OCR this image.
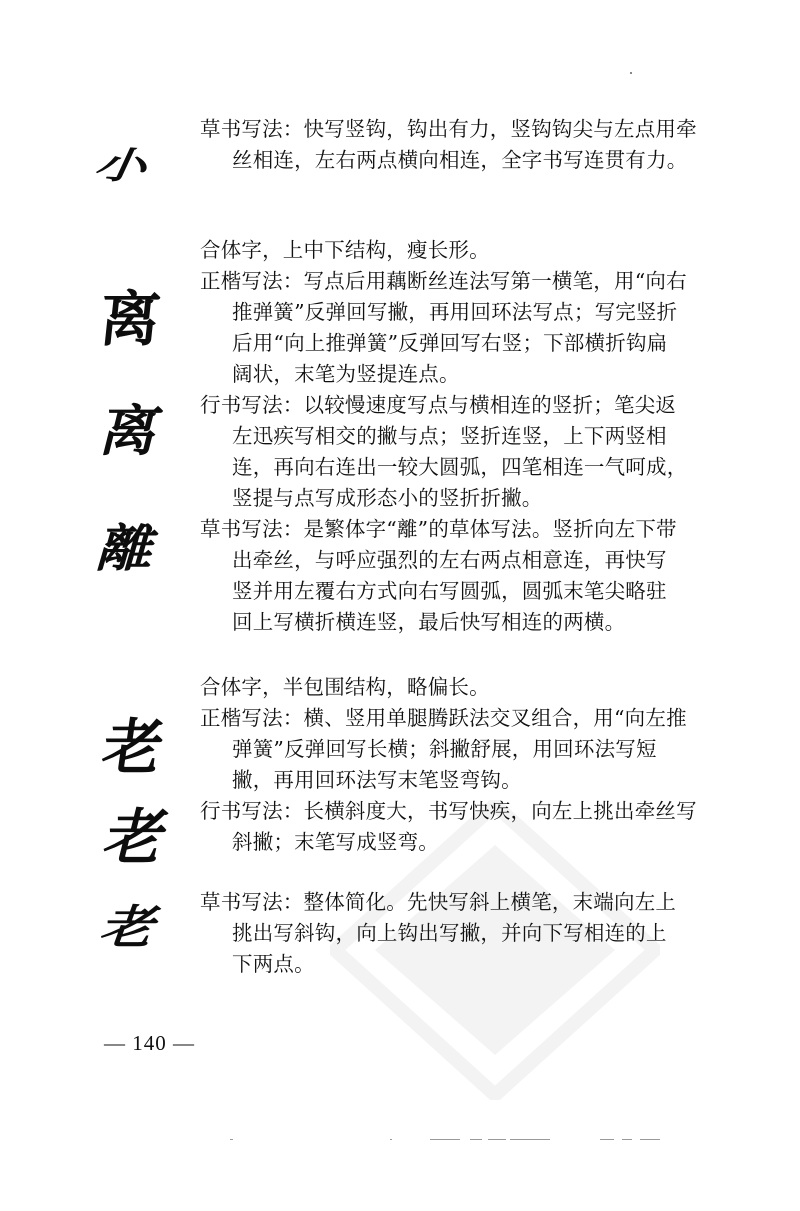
小
离
离
離
老
老
老
草书写法：快写竖钩，钩出有力，竖钩钩尖与左点用牵
丝相连，左右两点横向相连，全字书写连贯有力。
合体字，上中下结构，瘦长形。
正楷写法：写点后用藕断丝连法写第一横笔，用“向右
推弹簧”反弹回写撇，再用回环法写点；写完竖折
后用“向上推弹簧”反弹回写右竖；下部横折钩扁
阔状，末笔为竖提连点。
行书写法：以较慢速度写点与横相连的竖折；笔尖返
左迅疾写相交的撇与点；竖折连竖，上下两竖相
连，再向右连出一较大圆弧，四笔相连一气呵成，
竖提与点写成形态小的竖折折撇。
草书写法：是繁体字“離”的草体写法。竖折向左下带
出牵丝，与呼应强烈的左右两点相意连，再快写
竖并用左覆右方式向右写圆弧，圆弧末笔尖略驻
回上写横折横连竖，最后快写相连的两横。
合体字，半包围结构，略偏长。
正楷写法：横、竖用单腿腾跃法交叉组合，用“向左推
弹簧”反弹回写长横；斜撇舒展，用回环法写短
撇，再用回环法写末笔竖弯钩。
行书写法：长横斜度大，书写快疾，向左上挑出牵丝写
斜撇；末笔写成竖弯。
草书写法：整体简化。先快写斜上横笔，末端向左上
挑出写斜钩，向上钩出写撇，并向下写相连的上
下两点。
— 140 —
